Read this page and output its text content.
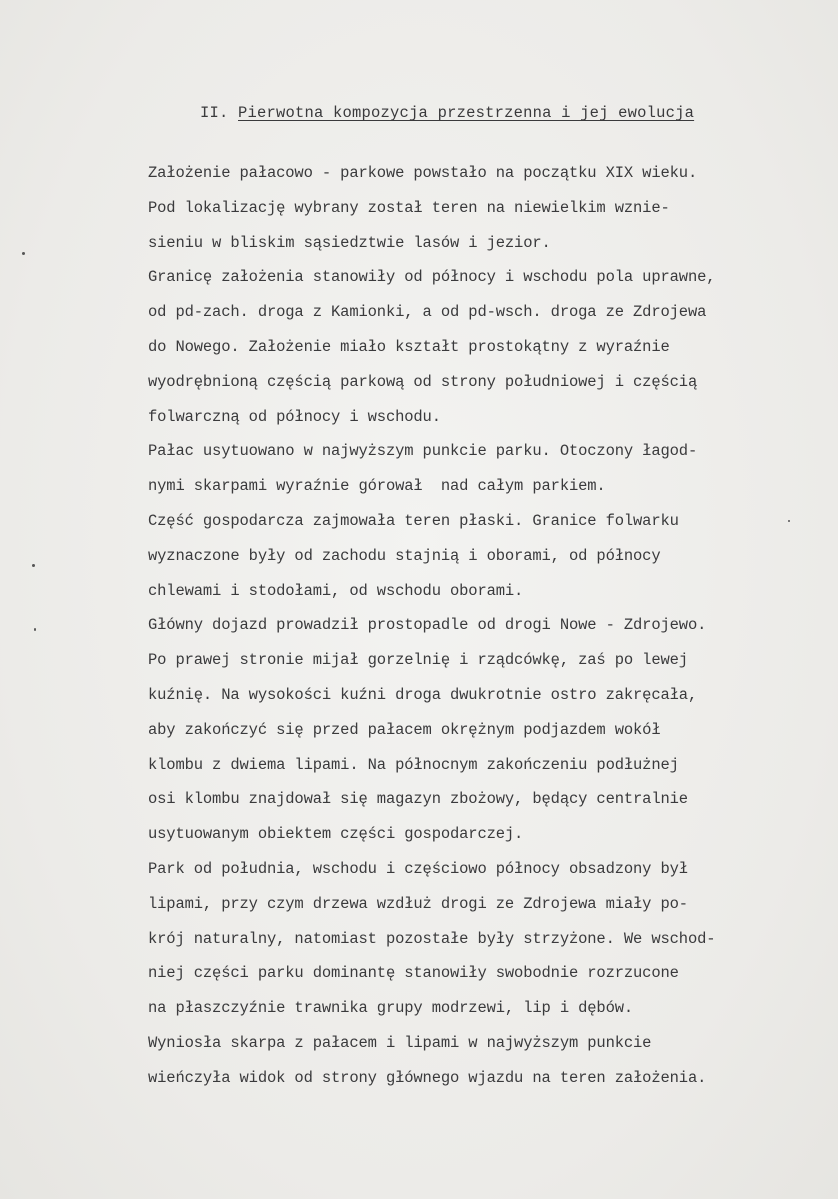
II. Pierwotna kompozycja przestrzenna i jej ewolucja
Założenie pałacowo - parkowe powstało na początku XIX wieku.
Pod lokalizację wybrany został teren na niewielkim wznie-
sieniu w bliskim sąsiedztwie lasów i jezior.
Granicę założenia stanowiły od północy i wschodu pola uprawne,
od pd-zach. droga z Kamionki, a od pd-wsch. droga ze Zdrojewa
do Nowego. Założenie miało kształt prostokątny z wyraźnie
wyodrębnioną częścią parkową od strony południowej i częścią
folwarczną od północy i wschodu.
Pałac usytuowano w najwyższym punkcie parku. Otoczony łagod-
nymi skarpami wyraźnie górował  nad całym parkiem.
Część gospodarcza zajmowała teren płaski. Granice folwarku
wyznaczone były od zachodu stajnią i oborami, od północy
chlewami i stodołami, od wschodu oborami.
Główny dojazd prowadził prostopadle od drogi Nowe - Zdrojewo.
Po prawej stronie mijał gorzelnię i rządcówkę, zaś po lewej
kuźnię. Na wysokości kuźni droga dwukrotnie ostro zakręcała,
aby zakończyć się przed pałacem okrężnym podjazdem wokół
klombu z dwiema lipami. Na północnym zakończeniu podłużnej
osi klombu znajdował się magazyn zbożowy, będący centralnie
usytuowanym obiektem części gospodarczej.
Park od południa, wschodu i częściowo północy obsadzony był
lipami, przy czym drzewa wzdłuż drogi ze Zdrojewa miały po-
krój naturalny, natomiast pozostałe były strzyżone. We wschod-
niej części parku dominantę stanowiły swobodnie rozrzucone
na płaszczyźnie trawnika grupy modrzewi, lip i dębów.
Wyniosła skarpa z pałacem i lipami w najwyższym punkcie
wieńczyła widok od strony głównego wjazdu na teren założenia.
